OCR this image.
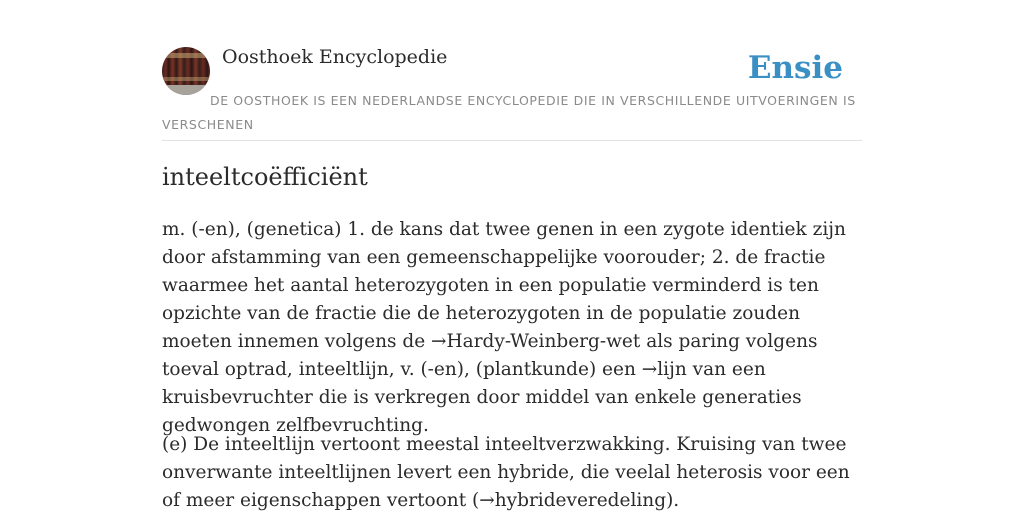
Oosthoek Encyclopedie	Ensie
DE OOSTHOEK IS EEN NEDERLANDSE ENCYCLOPEDIE DIE IN VERSCHILLENDE UITVOERINGEN IS VERSCHENEN
inteeltcoëfficiënt

m. (-en), (genetica) 1. de kans dat twee genen in een zygote identiek zijn door afstamming van een gemeenschappelijke voorouder; 2. de fractie waarmee het aantal heterozygoten in een populatie verminderd is ten opzichte van de fractie die de heterozygoten in de populatie zouden moeten innemen volgens de →Hardy-Weinberg-wet als paring volgens toeval optrad, inteeltlijn, v. (-en), (plantkunde) een →lijn van een kruisbevruchter die is verkregen door middel van enkele generaties gedwongen zelfbevruchting.

(e) De inteeltlijn vertoont meestal inteeltverzwakking. Kruising van twee onverwante inteeltlijnen levert een hybride, die veelal heterosis voor een of meer eigenschappen vertoont (→hybrideveredeling).
